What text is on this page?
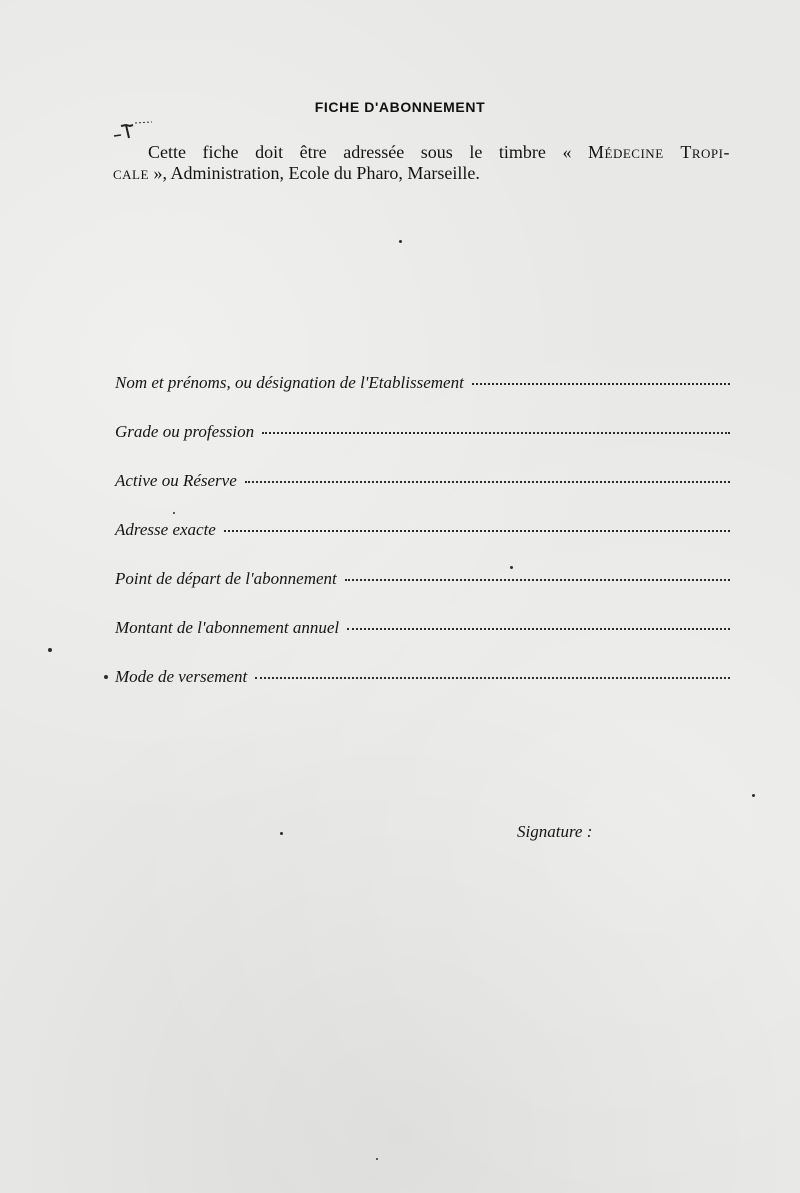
FICHE D'ABONNEMENT
Cette fiche doit être adressée sous le timbre « Médecine Tropi-
cale », Administration, Ecole du Pharo, Marseille.
Nom et prénoms, ou désignation de l'Etablissement
Grade ou profession
Active ou Réserve
Adresse exacte
Point de départ de l'abonnement
Montant de l'abonnement annuel
Mode de versement
Signature :
